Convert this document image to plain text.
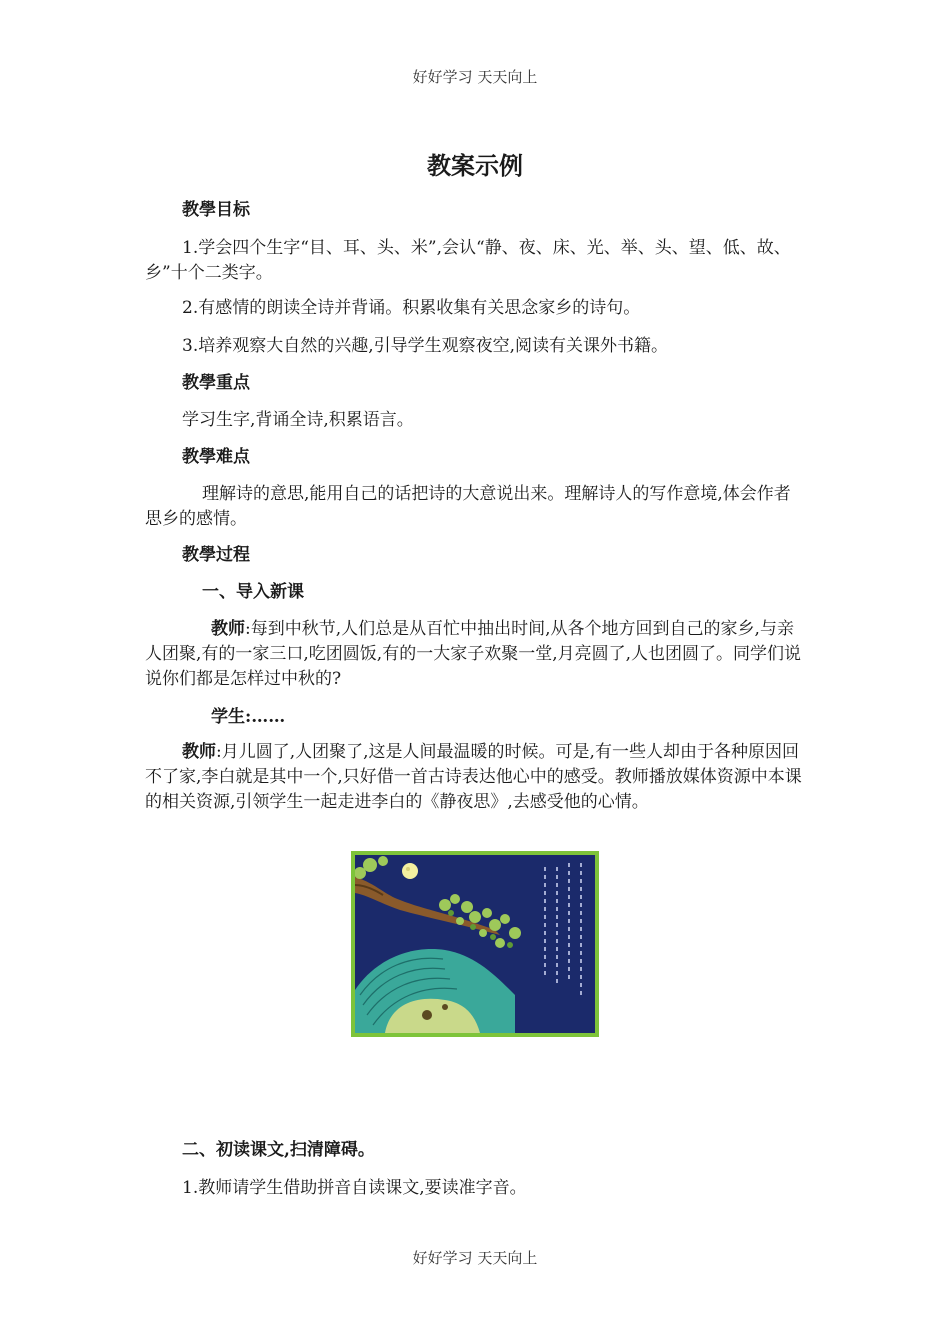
好好学习 天天向上
教案示例
教學目标
1.学会四个生字“目、耳、头、米”,会认“静、夜、床、光、举、头、望、低、故、乡”十个二类字。
2.有感情的朗读全诗并背诵。积累收集有关思念家乡的诗句。
3.培养观察大自然的兴趣,引导学生观察夜空,阅读有关课外书籍。
教學重点
学习生字,背诵全诗,积累语言。
教學难点
理解诗的意思,能用自己的话把诗的大意说出来。理解诗人的写作意境,体会作者思乡的感情。
教學过程
一、导入新课
教师:每到中秋节,人们总是从百忙中抽出时间,从各个地方回到自己的家乡,与亲人团聚,有的一家三口,吃团圆饭,有的一大家子欢聚一堂,月亮圆了,人也团圆了。同学们说说你们都是怎样过中秋的?
学生:……
教师:月儿圆了,人团聚了,这是人间最温暖的时候。可是,有一些人却由于各种原因回不了家,李白就是其中一个,只好借一首古诗表达他心中的感受。教师播放媒体资源中本课的相关资源,引领学生一起走进李白的《静夜思》,去感受他的心情。
二、初读课文,扫清障碍。
1.教师请学生借助拼音自读课文,要读准字音。
好好学习 天天向上
